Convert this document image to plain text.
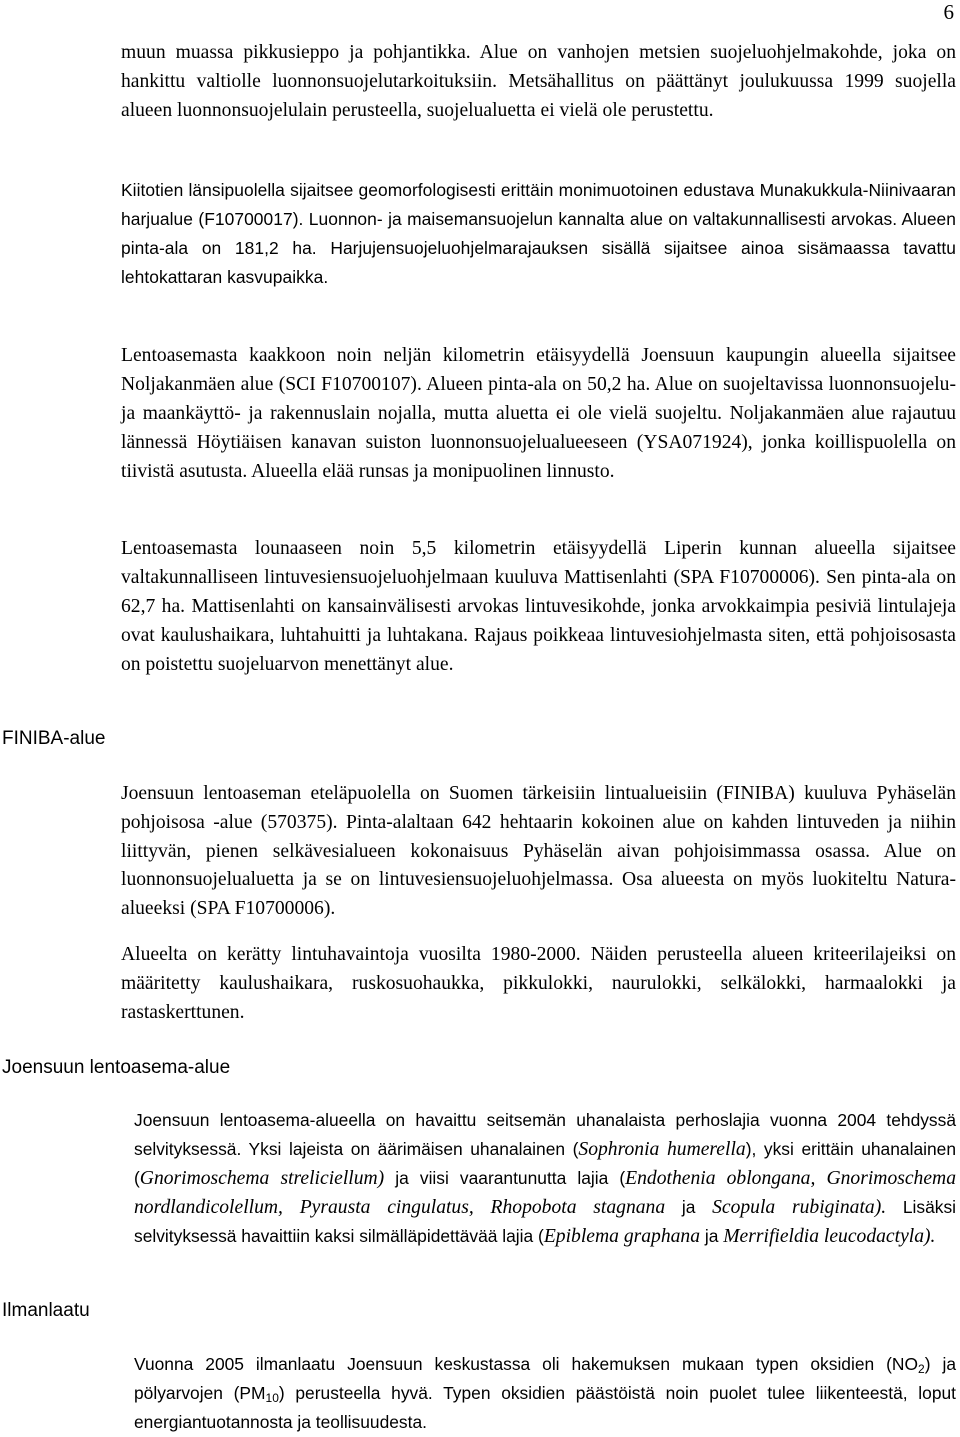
6

muun muassa pikkusieppo ja pohjantikka. Alue on vanhojen metsien suojeluohjelmakohde, joka on hankittu valtiolle luonnonsuojelutarkoituksiin. Metsähallitus on päättänyt joulukuussa 1999 suojella alueen luonnonsuojelulain perusteella, suojelualuetta ei vielä ole perustettu.

Kiitotien länsipuolella sijaitsee geomorfologisesti erittäin monimuotoinen edustava Munakukkula-Niinivaaran harjualue (F10700017). Luonnon- ja maisemansuojelun kannalta alue on valtakunnallisesti arvokas. Alueen pinta-ala on 181,2 ha. Harjujensuojeluohjelmarajauksen sisällä sijaitsee ainoa sisämaassa tavattu lehtokattaran kasvupaikka.

Lentoasemasta kaakkoon noin neljän kilometrin etäisyydellä Joensuun kaupungin alueella sijaitsee Noljakanmäen alue (SCI F10700107). Alueen pinta-ala on 50,2 ha. Alue on suojeltavissa luonnonsuojelu- ja maankäyttö- ja rakennuslain nojalla, mutta aluetta ei ole vielä suojeltu. Noljakanmäen alue rajautuu lännessä Höytiäisen kanavan suiston luonnonsuojelualueeseen (YSA071924), jonka koillispuolella on tiivistä asutusta. Alueella elää runsas ja monipuolinen linnusto.

Lentoasemasta lounaaseen noin 5,5 kilometrin etäisyydellä Liperin kunnan alueella sijaitsee valtakunnalliseen lintuvesiensuojeluohjelmaan kuuluva Mattisenlahti (SPA F10700006). Sen pinta-ala on 62,7 ha. Mattisenlahti on kansainvälisesti arvokas lintuvesikohde, jonka arvokkaimpia pesiviä lintulajeja ovat kaulushaikara, luhtahuitti ja luhtakana. Rajaus poikkeaa lintuvesiohjelmasta siten, että pohjoisosasta on poistettu suojeluarvon menettänyt alue.

FINIBA-alue

Joensuun lentoaseman eteläpuolella on Suomen tärkeisiin lintualueisiin (FINIBA) kuuluva Pyhäselän pohjoisosa -alue (570375). Pinta-alaltaan 642 hehtaarin kokoinen alue on kahden lintuveden ja niihin liittyvän, pienen selkävesialueen kokonaisuus Pyhäselän aivan pohjoisimmassa osassa. Alue on luonnonsuojelualuetta ja se on lintuvesiensuojeluohjelmassa. Osa alueesta on myös luokiteltu Natura-alueeksi (SPA F10700006).

Alueelta on kerätty lintuhavaintoja vuosilta 1980-2000. Näiden perusteella alueen kriteerilajeiksi on määritetty kaulushaikara, ruskosuohaukka, pikkulokki, naurulokki, selkälokki, harmaalokki ja rastaskerttunen.

Joensuun lentoasema-alue

Joensuun lentoasema-alueella on havaittu seitsemän uhanalaista perhoslajia vuonna 2004 tehdyssä selvityksessä. Yksi lajeista on äärimäisen uhanalainen (Sophronia humerella), yksi erittäin uhanalainen (Gnorimoschema streliciellum) ja viisi vaarantunutta lajia (Endothenia oblongana, Gnorimoschema nordlandicolellum, Pyrausta cingulatus, Rhopobota stagnana ja Scopula rubiginata). Lisäksi selvityksessä havaittiin kaksi silmälläpidettävää lajia (Epiblema graphana ja Merrifieldia leucodactyla).

Ilmanlaatu

Vuonna 2005 ilmanlaatu Joensuun keskustassa oli hakemuksen mukaan typen oksidien $(NO_2)$ ja pölyarvojen $(PM_{10})$ perusteella hyvä. Typen oksidien päästöistä noin puolet tulee liikenteestä, loput energiantuotannosta ja teollisuudesta.
